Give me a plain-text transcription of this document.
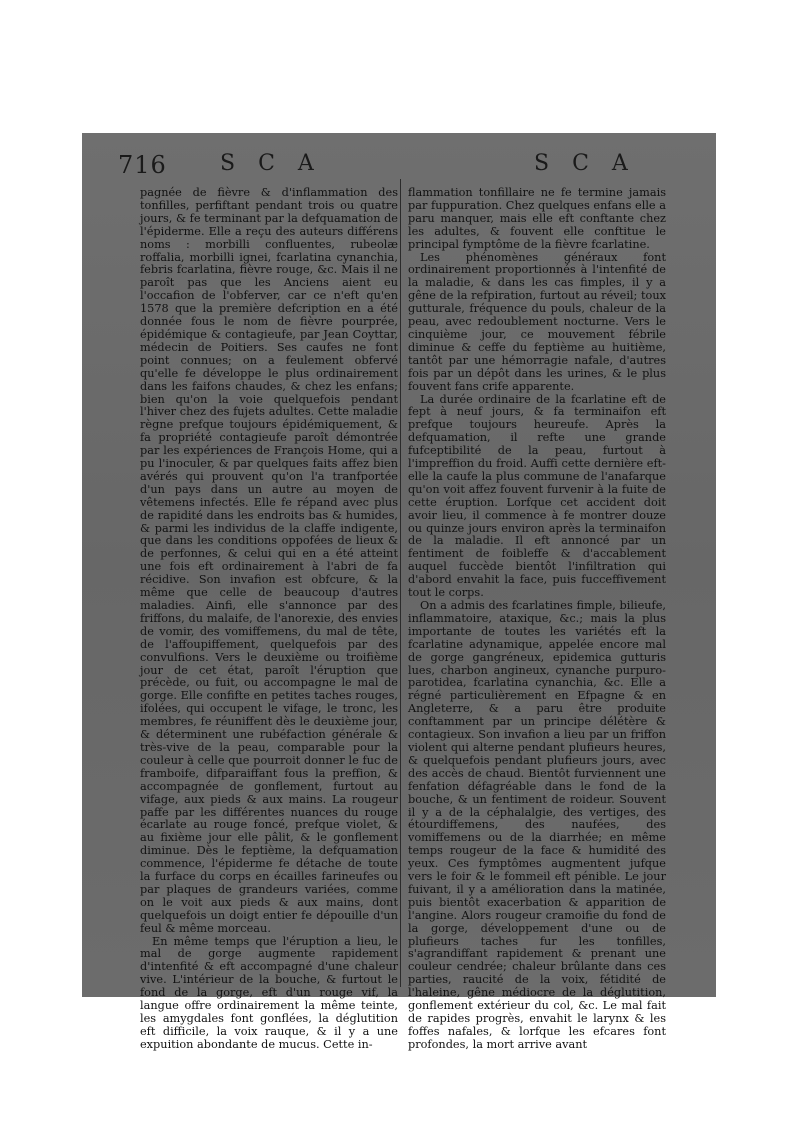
716 S C A	S C A

pagnée de fièvre & d'inflammation des tonfilles, perfiftant pendant trois ou quatre jours, & fe terminant par la defquamation de l'épiderme. Elle a reçu des auteurs différens noms : morbilli confluentes, rubeolæ roffalia, morbilli ignei, fcarlatina cynanchia, febris fcarlatina, fièvre rouge, &c. Mais il ne paroît pas que les Anciens aient eu l'occafion de l'obferver, car ce n'eft qu'en 1578 que la première defcription en a été donnée fous le nom de fièvre pourprée, épidémique & contagieufe, par Jean Coyttar, médecin de Poitiers. Ses caufes ne font point connues; on a feulement obfervé qu'elle fe développe le plus ordinairement dans les faifons chaudes, & chez les enfans; bien qu'on la voie quelquefois pendant l'hiver chez des fujets adultes. Cette maladie règne prefque toujours épidémiquement, & fa propriété contagieufe paroît démontrée par les expériences de François Home, qui a pu l'inoculer, & par quelques faits affez bien avérés qui prouvent qu'on l'a tranfportée d'un pays dans un autre au moyen de vêtemens infectés. Elle fe répand avec plus de rapidité dans les endroits bas & humides, & parmi les individus de la claffe indigente, que dans les conditions oppofées de lieux & de perfonnes, & celui qui en a été atteint une fois eft ordinairement à l'abri de fa récidive. Son invafion est obfcure, & la même que celle de beaucoup d'autres maladies. Ainfi, elle s'annonce par des friffons, du malaife, de l'anorexie, des envies de vomir, des vomiffemens, du mal de tête, de l'affoupiffement, quelquefois par des convulfions. Vers le deuxième ou troifième jour de cet état, paroît l'éruption que précède, ou fuit, ou accompagne le mal de gorge. Elle confifte en petites taches rouges, ifolées, qui occupent le vifage, le tronc, les membres, fe réuniffent dès le deuxième jour, & déterminent une rubéfaction générale & très-vive de la peau, comparable pour la couleur à celle que pourroit donner le fuc de framboife, difparaiffant fous la preffion, & accompagnée de gonflement, furtout au vifage, aux pieds & aux mains. La rougeur paffe par les différentes nuances du rouge écarlate au rouge foncé, prefque violet, & au fixième jour elle pâlit, & le gonflement diminue. Dès le feptième, la defquamation commence, l'épiderme fe détache de toute la furface du corps en écailles farineufes ou par plaques de grandeurs variées, comme on le voit aux pieds & aux mains, dont quelquefois un doigt entier fe dépouille d'un feul & même morceau.

En même temps que l'éruption a lieu, le mal de gorge augmente rapidement d'intenfité & eft accompagné d'une chaleur vive. L'intérieur de la bouche, & furtout le fond de la gorge, eft d'un rouge vif, la langue offre ordinairement la même teinte, les amygdales font gonflées, la déglutition eft difficile, la voix rauque, & il y a une expuition abondante de mucus. Cette in-

flammation tonfillaire ne fe termine jamais par fuppuration. Chez quelques enfans elle a paru manquer, mais elle eft conftante chez les adultes, & fouvent elle conftitue le principal fymptôme de la fièvre fcarlatine.

Les phénomènes généraux font ordinairement proportionnés à l'intenfité de la maladie, & dans les cas fimples, il y a gêne de la refpiration, furtout au réveil; toux gutturale, fréquence du pouls, chaleur de la peau, avec redoublement nocturne. Vers le cinquième jour, ce mouvement fébrile diminue & ceffe du feptième au huitième, tantôt par une hémorragie nafale, d'autres fois par un dépôt dans les urines, & le plus fouvent fans crife apparente.

La durée ordinaire de la fcarlatine eft de fept à neuf jours, & fa terminaifon eft prefque toujours heureufe. Après la defquamation, il refte une grande fufceptibilité de la peau, furtout à l'impreffion du froid. Auffi cette dernière eft-elle la caufe la plus commune de l'anafarque qu'on voit affez fouvent furvenir à la fuite de cette éruption. Lorfque cet accident doit avoir lieu, il commence à fe montrer douze ou quinze jours environ après la terminaifon de la maladie. Il eft annoncé par un fentiment de foibleffe & d'accablement auquel fuccède bientôt l'infiltration qui d'abord envahit la face, puis fucceffivement tout le corps.

On a admis des fcarlatines fimple, bilieufe, inflammatoire, ataxique, &c.; mais la plus importante de toutes les variétés eft la fcarlatine adynamique, appelée encore mal de gorge gangréneux, epidemica gutturis lues, charbon angineux, cynanche purpuro-parotidea, fcarlatina cynanchia, &c. Elle a régné particulièrement en Efpagne & en Angleterre, & a paru être produite conftamment par un principe délétère & contagieux. Son invafion a lieu par un friffon violent qui alterne pendant plufieurs heures, & quelquefois pendant plufieurs jours, avec des accès de chaud. Bientôt furviennent une fenfation défagréable dans le fond de la bouche, & un fentiment de roideur. Souvent il y a de la céphalalgie, des vertiges, des étourdiffemens, des naufées, des vomiffemens ou de la diarrhée; en même temps rougeur de la face & humidité des yeux. Ces fymptômes augmentent jufque vers le foir & le fommeil eft pénible. Le jour fuivant, il y a amélioration dans la matinée, puis bientôt exacerbation & apparition de l'angine. Alors rougeur cramoifie du fond de la gorge, développement d'une ou de plufieurs taches fur les tonfilles, s'agrandiffant rapidement & prenant une couleur cendrée; chaleur brûlante dans ces parties, raucité de la voix, fétidité de l'haleine, gêne médiocre de la déglutition, gonflement extérieur du col, &c. Le mal fait de rapides progrès, envahit le larynx & les foffes nafales, & lorfque les efcares font profondes, la mort arrive avant
